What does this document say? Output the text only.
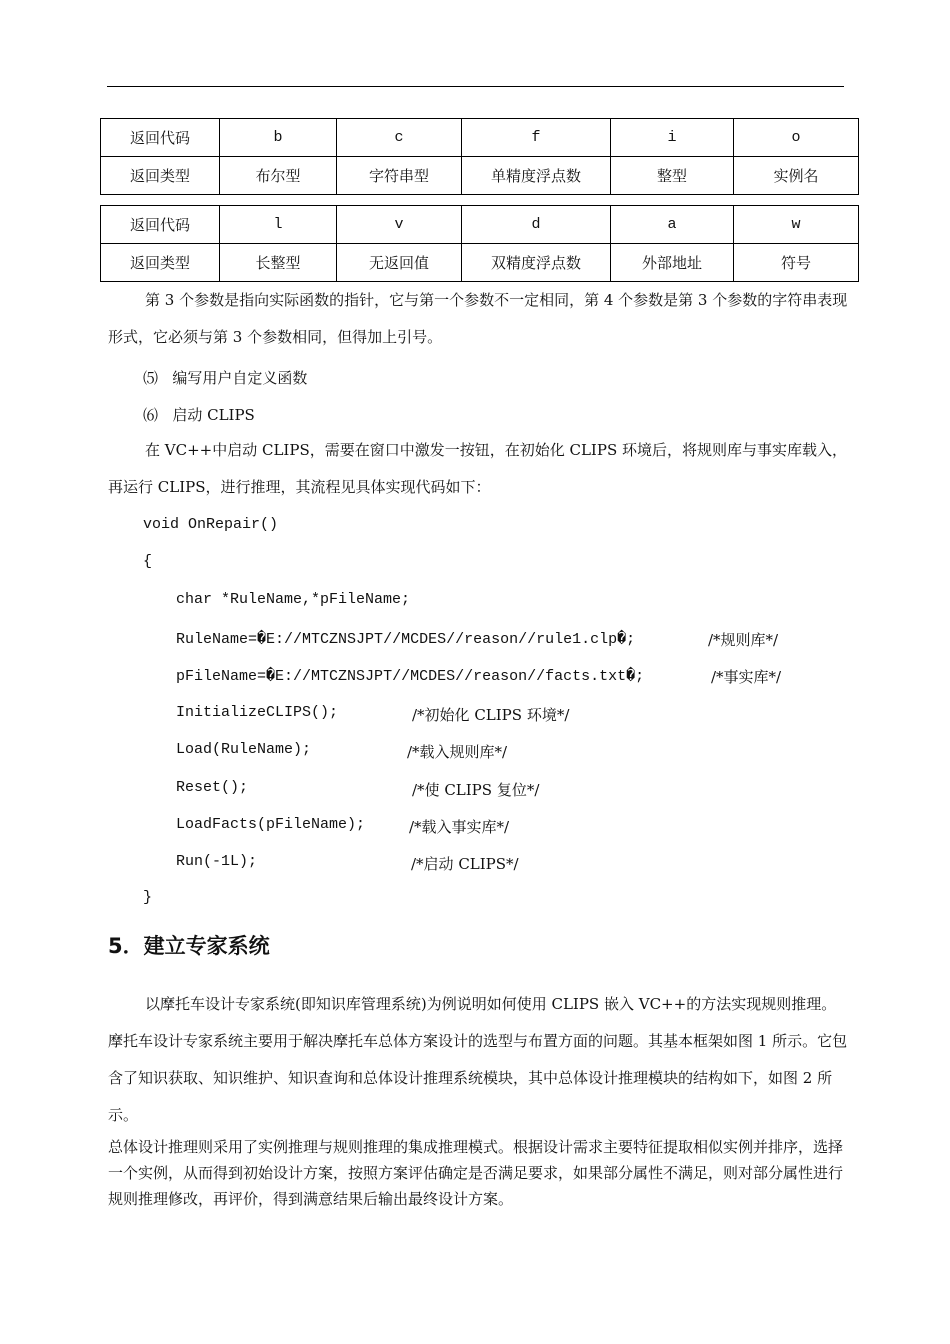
返回代码	b	c	f	i	o
返回类型	布尔型	字符串型	单精度浮点数	整型	实例名
返回代码	l	v	d	a	w
返回类型	长整型	无返回值	双精度浮点数	外部地址	符号
第 3 个参数是指向实际函数的指针，它与第一个参数不一定相同，第 4 个参数是第 3 个参数的字符串表现形式，它必须与第 3 个参数相同，但得加上引号。
⑸ 编写用户自定义函数
⑹ 启动 CLIPS
在 VC++中启动 CLIPS，需要在窗口中激发一按钮，在初始化 CLIPS 环境后，将规则库与事实库载入，再运行 CLIPS，进行推理，其流程见具体实现代码如下：
void OnRepair()
{
char *RuleName,*pFileName;
RuleName=�E://MTCZNSJPT//MCDES//reason//rule1.clp�;	/*规则库*/
pFileName=�E://MTCZNSJPT//MCDES//reason//facts.txt�;	/*事实库*/
InitializeCLIPS();	/*初始化 CLIPS 环境*/
Load(RuleName);	/*载入规则库*/
Reset();	/*使 CLIPS 复位*/
LoadFacts(pFileName);	/*载入事实库*/
Run(-1L);	/*启动 CLIPS*/
}
5．建立专家系统
以摩托车设计专家系统(即知识库管理系统)为例说明如何使用 CLIPS 嵌入 VC++的方法实现规则推理。摩托车设计专家系统主要用于解决摩托车总体方案设计的选型与布置方面的问题。其基本框架如图 1 所示。它包含了知识获取、知识维护、知识查询和总体设计推理系统模块，其中总体设计推理模块的结构如下，如图 2 所示。
总体设计推理则采用了实例推理与规则推理的集成推理模式。根据设计需求主要特征提取相似实例并排序，选择一个实例，从而得到初始设计方案，按照方案评估确定是否满足要求，如果部分属性不满足，则对部分属性进行规则推理修改，再评价，得到满意结果后输出最终设计方案。
